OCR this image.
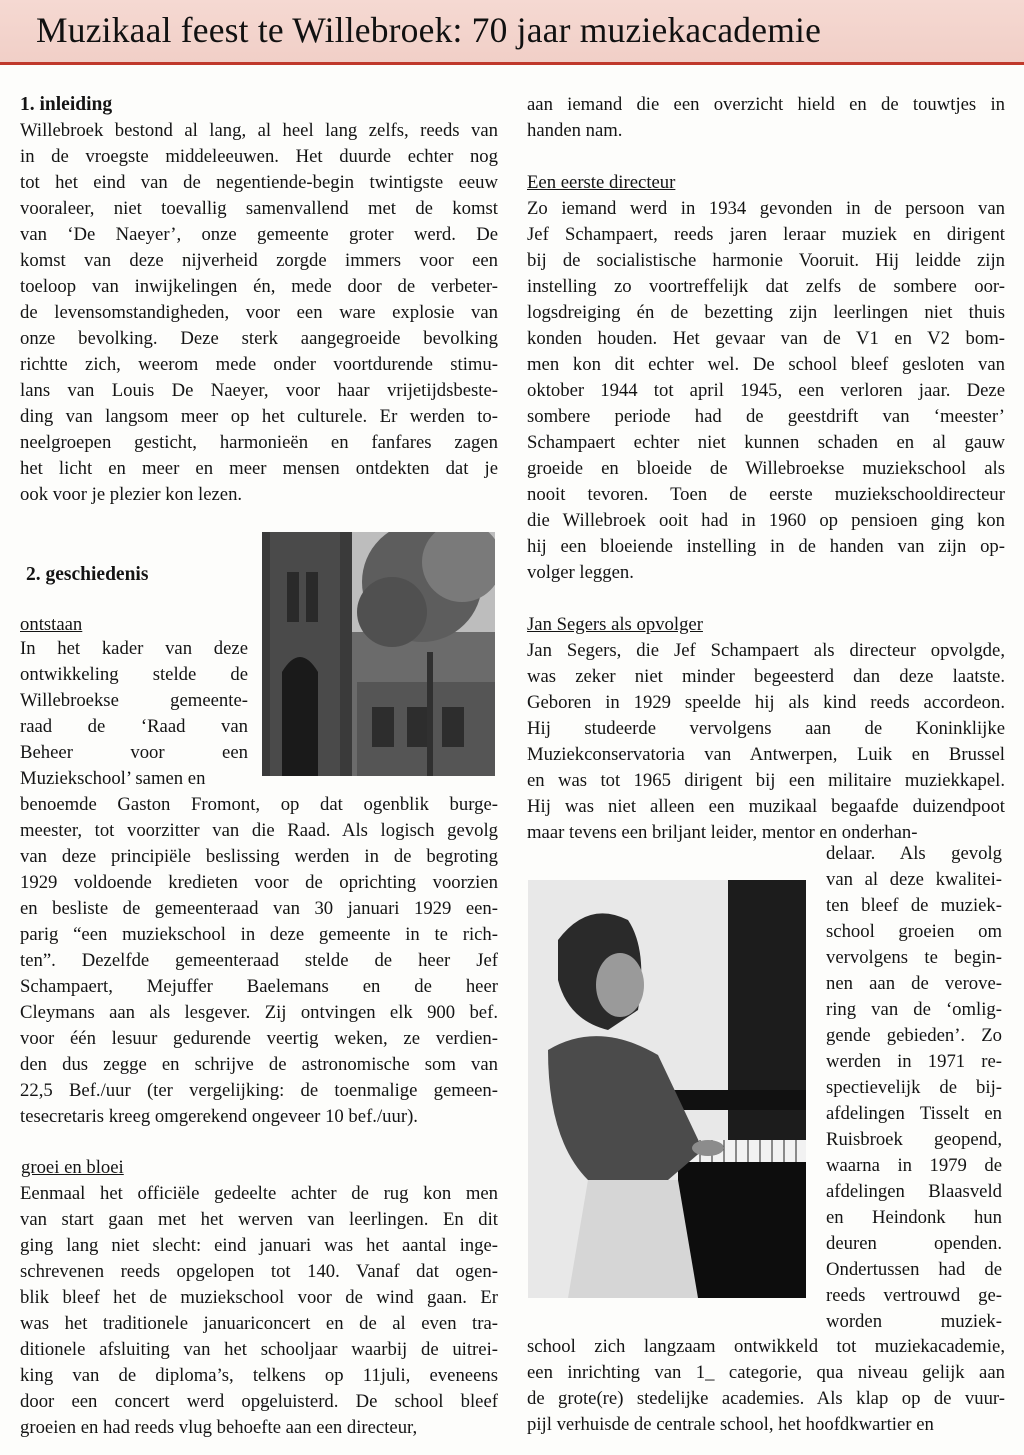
Muzikaal feest te Willebroek: 70 jaar muziekacademie
1. inleiding
Willebroek bestond al lang, al heel lang zelfs, reeds van
in de vroegste middeleeuwen. Het duurde echter nog
tot het eind van de negentiende-begin twintigste eeuw
vooraleer, niet toevallig samenvallend met de komst
van ‘De Naeyer’, onze gemeente groter werd. De
komst van deze nijverheid zorgde immers voor een
toeloop van inwijkelingen én, mede door de verbeter-
de levensomstandigheden, voor een ware explosie van
onze bevolking. Deze sterk aangegroeide bevolking
richtte zich, weerom mede onder voortdurende stimu-
lans van Louis De Naeyer, voor haar vrijetijdsbeste-
ding van langsom meer op het culturele. Er werden to-
neelgroepen gesticht, harmonieën en fanfares zagen
het licht en meer en meer mensen ontdekten dat je
ook voor je plezier kon lezen.
2. geschiedenis
ontstaan
In het kader van deze
ontwikkeling stelde de
Willebroekse gemeente-
raad de ‘Raad van
Beheer voor een
Muziekschool’ samen en
benoemde Gaston Fromont, op dat ogenblik burge-
meester, tot voorzitter van die Raad. Als logisch gevolg
van deze principiële beslissing werden in de begroting
1929 voldoende kredieten voor de oprichting voorzien
en besliste de gemeenteraad van 30 januari 1929 een-
parig “een muziekschool in deze gemeente in te rich-
ten”. Dezelfde gemeenteraad stelde de heer Jef
Schampaert, Mejuffer Baelemans en de heer
Cleymans aan als lesgever. Zij ontvingen elk 900 bef.
voor één lesuur gedurende veertig weken, ze verdien-
den dus zegge en schrijve de astronomische som van
22,5 Bef./uur (ter vergelijking: de toenmalige gemeen-
tesecretaris kreeg omgerekend ongeveer 10 bef./uur).
groei en bloei
Eenmaal het officiële gedeelte achter de rug kon men
van start gaan met het werven van leerlingen. En dit
ging lang niet slecht: eind januari was het aantal inge-
schrevenen reeds opgelopen tot 140. Vanaf dat ogen-
blik bleef het de muziekschool voor de wind gaan. Er
was het traditionele januariconcert en de al even tra-
ditionele afsluiting van het schooljaar waarbij de uitrei-
king van de diploma’s, telkens op 11juli, eveneens
door een concert werd opgeluisterd. De school bleef
groeien en had reeds vlug behoefte aan een directeur,
aan iemand die een overzicht hield en de touwtjes in
handen nam.
Een eerste directeur
Zo iemand werd in 1934 gevonden in de persoon van
Jef Schampaert, reeds jaren leraar muziek en dirigent
bij de socialistische harmonie Vooruit. Hij leidde zijn
instelling zo voortreffelijk dat zelfs de sombere oor-
logsdreiging én de bezetting zijn leerlingen niet thuis
konden houden. Het gevaar van de V1 en V2 bom-
men kon dit echter wel. De school bleef gesloten van
oktober 1944 tot april 1945, een verloren jaar. Deze
sombere periode had de geestdrift van ‘meester’
Schampaert echter niet kunnen schaden en al gauw
groeide en bloeide de Willebroekse muziekschool als
nooit tevoren. Toen de eerste muziekschooldirecteur
die Willebroek ooit had in 1960 op pensioen ging kon
hij een bloeiende instelling in de handen van zijn op-
volger leggen.
Jan Segers als opvolger
Jan Segers, die Jef Schampaert als directeur opvolgde,
was zeker niet minder begeesterd dan deze laatste.
Geboren in 1929 speelde hij als kind reeds accordeon.
Hij studeerde vervolgens aan de Koninklijke
Muziekconservatoria van Antwerpen, Luik en Brussel
en was tot 1965 dirigent bij een militaire muziekkapel.
Hij was niet alleen een muzikaal begaafde duizendpoot
maar tevens een briljant leider, mentor en onderhan-
delaar. Als gevolg
van al deze kwalitei-
ten bleef de muziek-
school groeien om
vervolgens te begin-
nen aan de verove-
ring van de ‘omlig-
gende gebieden’. Zo
werden in 1971 re-
spectievelijk de bij-
afdelingen Tisselt en
Ruisbroek geopend,
waarna in 1979 de
afdelingen Blaasveld
en Heindonk hun
deuren openden.
Ondertussen had de
reeds vertrouwd ge-
worden muziek-
school zich langzaam ontwikkeld tot muziekacademie,
een inrichting van 1_ categorie, qua niveau gelijk aan
de grote(re) stedelijke academies. Als klap op de vuur-
pijl verhuisde de centrale school, het hoofdkwartier en
